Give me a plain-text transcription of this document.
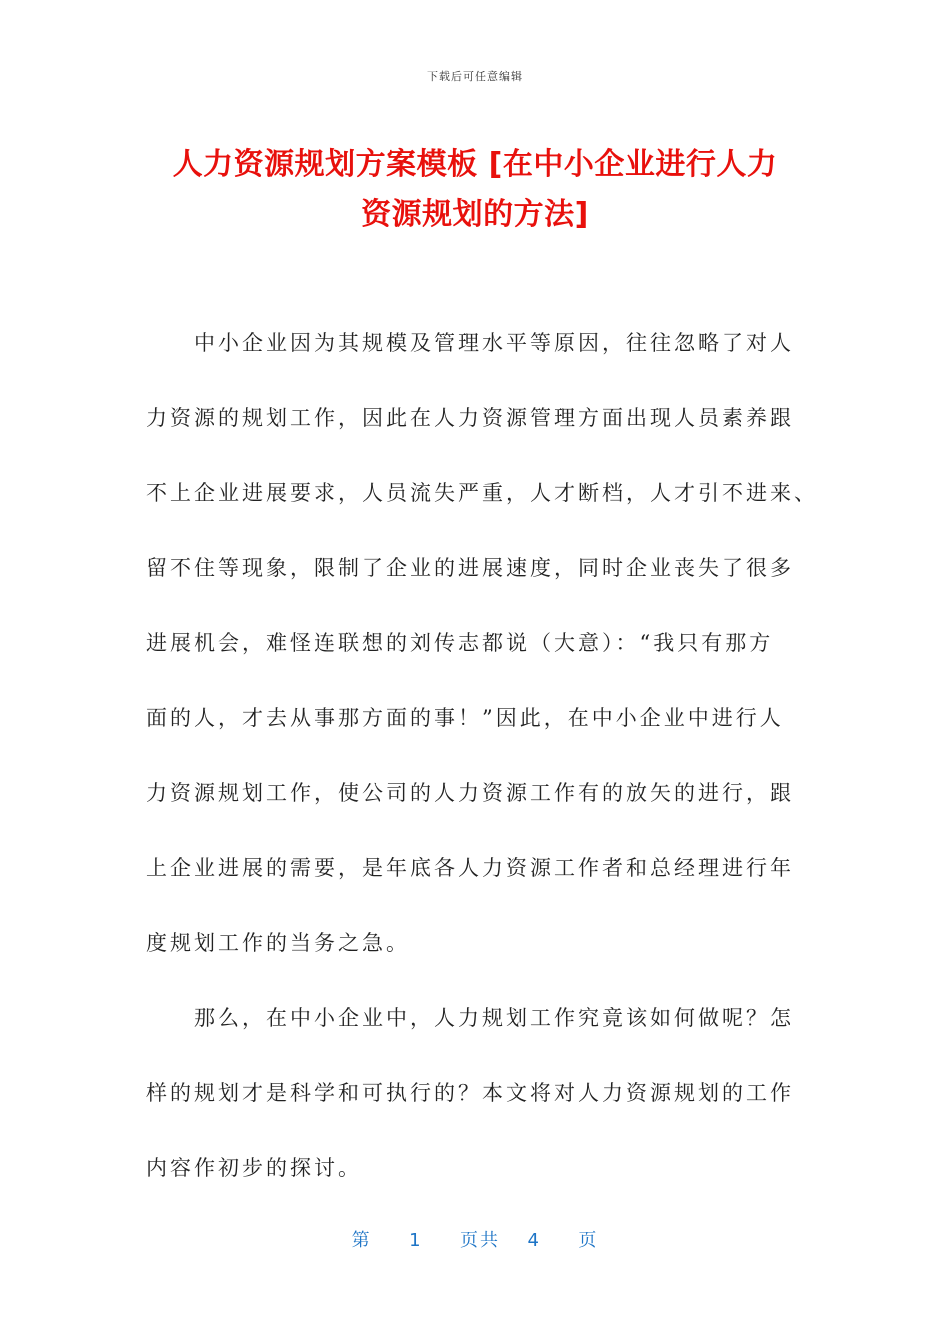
下载后可任意编辑
人力资源规划方案模板 [在中小企业进行人力
资源规划的方法]
　　中小企业因为其规模及管理水平等原因，往往忽略了对人
力资源的规划工作，因此在人力资源管理方面出现人员素养跟
不上企业进展要求，人员流失严重，人才断档，人才引不进来、
留不住等现象，限制了企业的进展速度，同时企业丧失了很多
进展机会，难怪连联想的刘传志都说（大意）：“我只有那方
面的人，才去从事那方面的事！”因此，在中小企业中进行人
力资源规划工作，使公司的人力资源工作有的放矢的进行，跟
上企业进展的需要，是年底各人力资源工作者和总经理进行年
度规划工作的当务之急。
　　那么，在中小企业中，人力规划工作究竟该如何做呢？怎
样的规划才是科学和可执行的？本文将对人力资源规划的工作
内容作初步的探讨。
第 1 页共 4 页
